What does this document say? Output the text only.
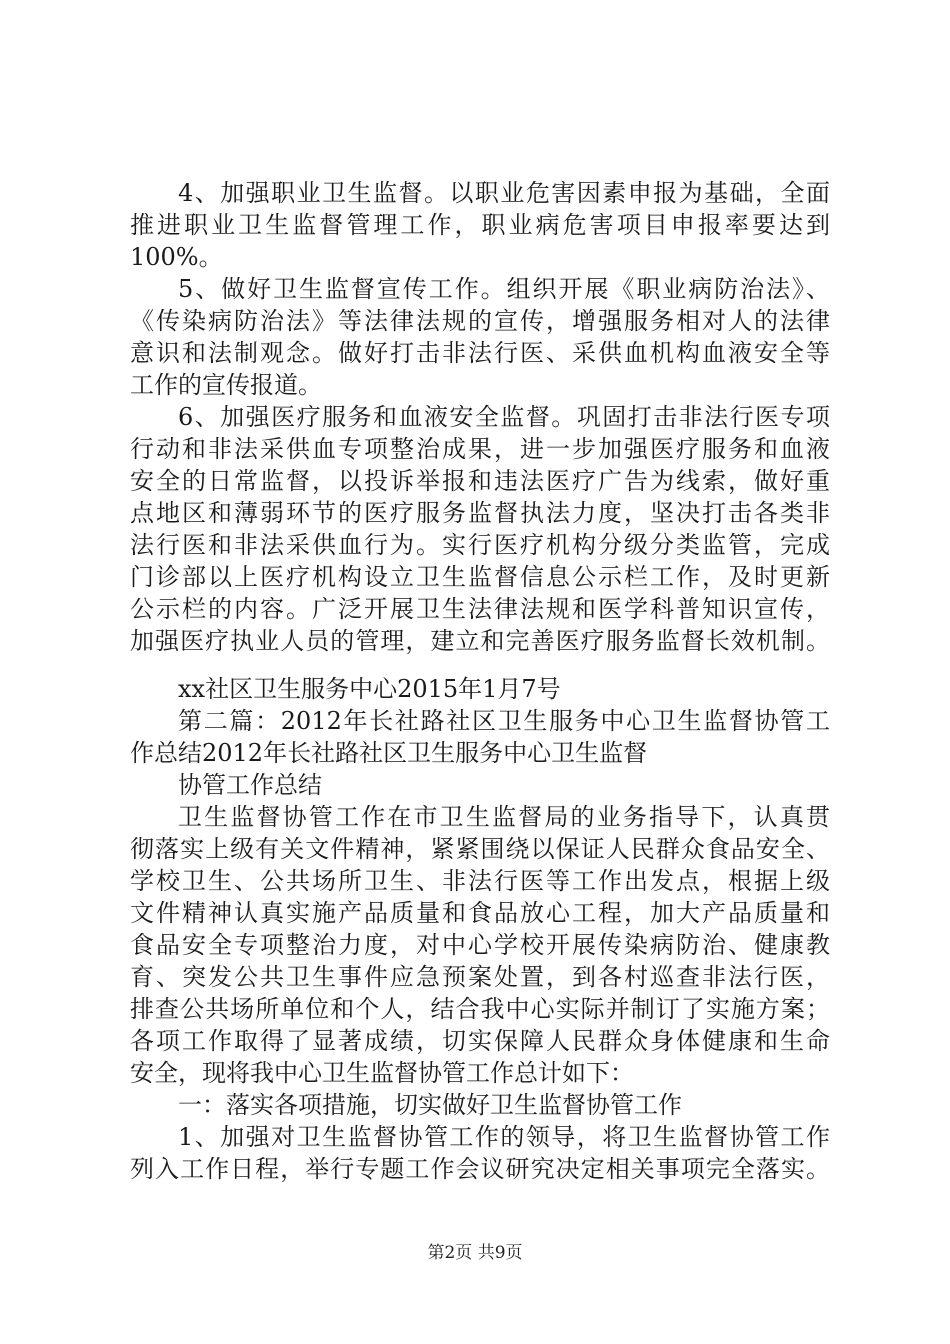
4、加强职业卫生监督。以职业危害因素申报为基础，全面
推进职业卫生监督管理工作，职业病危害项目申报率要达到
100%。
5、做好卫生监督宣传工作。组织开展《职业病防治法》、
《传染病防治法》等法律法规的宣传，增强服务相对人的法律
意识和法制观念。做好打击非法行医、采供血机构血液安全等
工作的宣传报道。
6、加强医疗服务和血液安全监督。巩固打击非法行医专项
行动和非法采供血专项整治成果，进一步加强医疗服务和血液
安全的日常监督，以投诉举报和违法医疗广告为线索，做好重
点地区和薄弱环节的医疗服务监督执法力度，坚决打击各类非
法行医和非法采供血行为。实行医疗机构分级分类监管，完成
门诊部以上医疗机构设立卫生监督信息公示栏工作，及时更新
公示栏的内容。广泛开展卫生法律法规和医学科普知识宣传，
加强医疗执业人员的管理，建立和完善医疗服务监督长效机制。
xx社区卫生服务中心2015年1月7号
第二篇：2012年长社路社区卫生服务中心卫生监督协管工
作总结2012年长社路社区卫生服务中心卫生监督
协管工作总结
卫生监督协管工作在市卫生监督局的业务指导下，认真贯
彻落实上级有关文件精神，紧紧围绕以保证人民群众食品安全、
学校卫生、公共场所卫生、非法行医等工作出发点，根据上级
文件精神认真实施产品质量和食品放心工程，加大产品质量和
食品安全专项整治力度，对中心学校开展传染病防治、健康教
育、突发公共卫生事件应急预案处置，到各村巡查非法行医，
排查公共场所单位和个人，结合我中心实际并制订了实施方案；
各项工作取得了显著成绩，切实保障人民群众身体健康和生命
安全，现将我中心卫生监督协管工作总计如下：
一：落实各项措施，切实做好卫生监督协管工作
1、加强对卫生监督协管工作的领导，将卫生监督协管工作
列入工作日程，举行专题工作会议研究决定相关事项完全落实。
第2页 共9页
